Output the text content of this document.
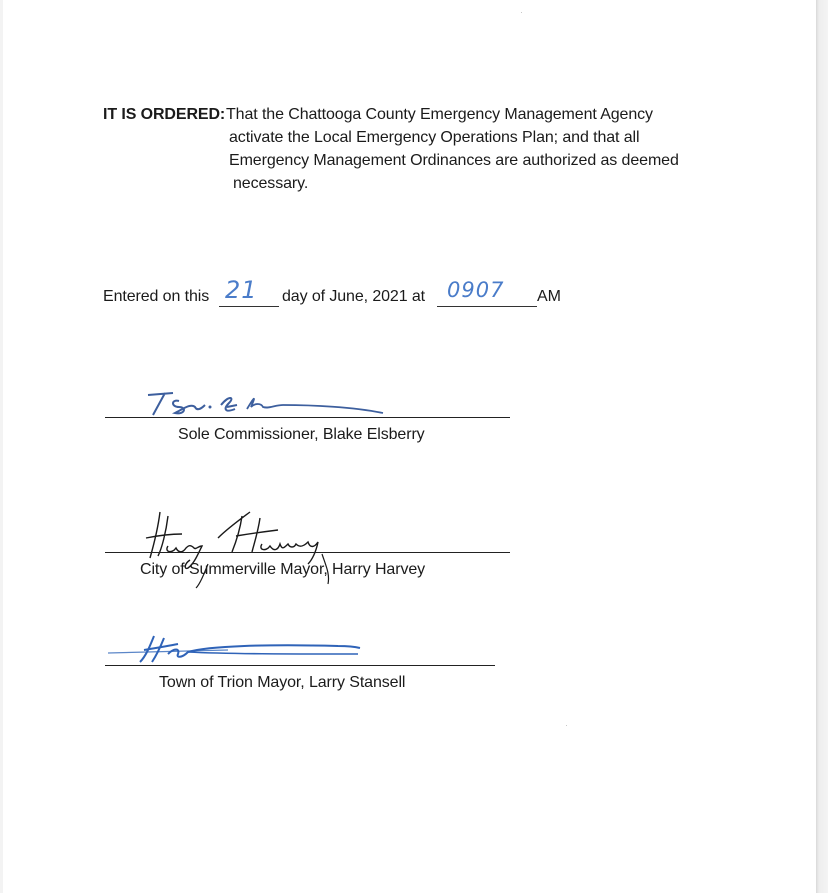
IT IS ORDERED: That the Chattooga County Emergency Management Agency
activate the Local Emergency Operations Plan; and that all
Emergency Management Ordinances are authorized as deemed
necessary.
Entered on this 21 day of June, 2021 at 0907 AM
Sole Commissioner, Blake Elsberry
City of Summerville Mayor, Harry Harvey
Town of Trion Mayor, Larry Stansell
